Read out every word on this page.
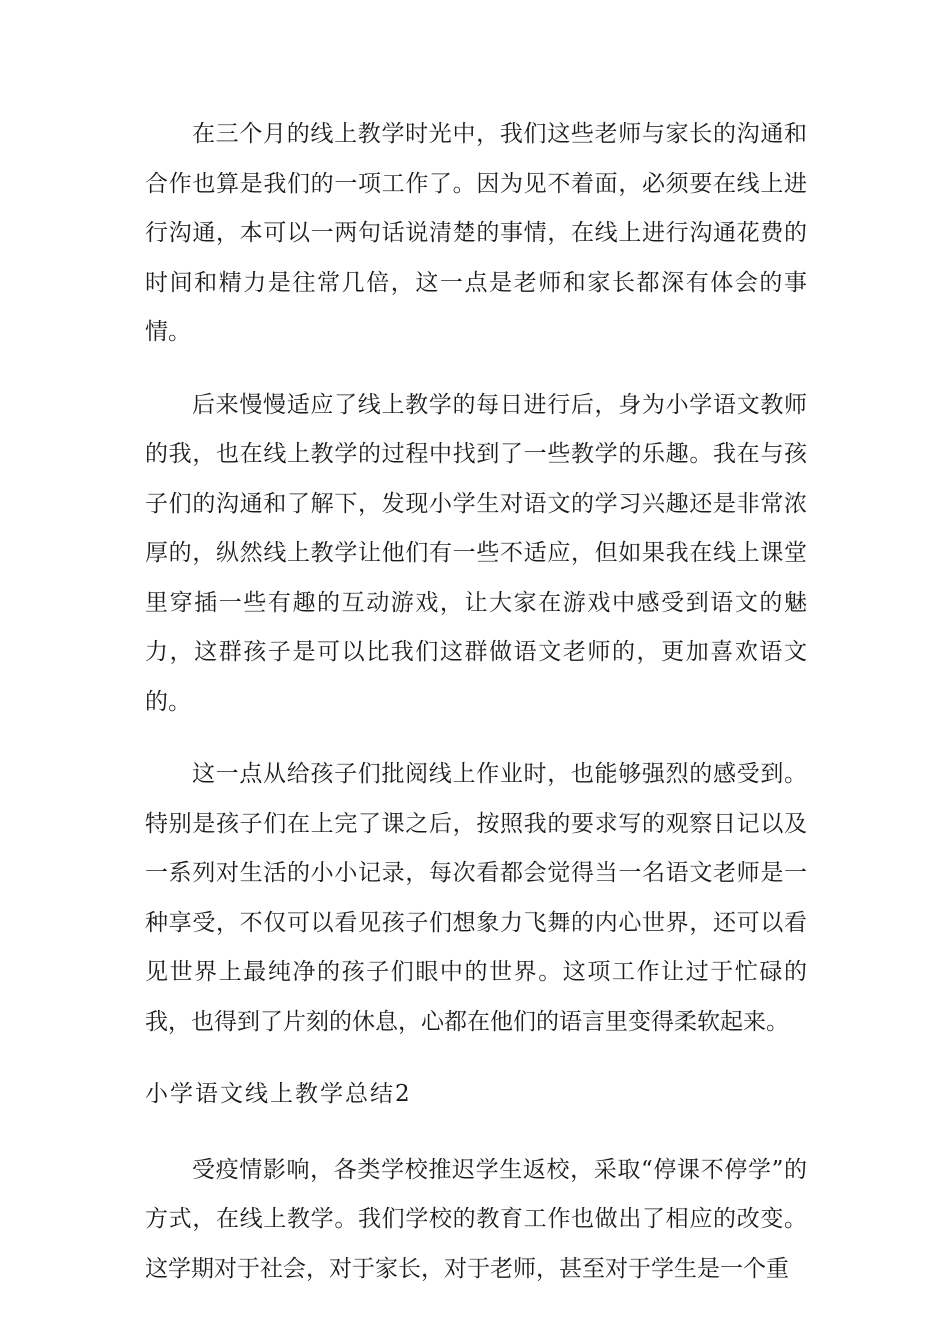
在三个月的线上教学时光中，我们这些老师与家长的沟通和合作也算是我们的一项工作了。因为见不着面，必须要在线上进行沟通，本可以一两句话说清楚的事情，在线上进行沟通花费的时间和精力是往常几倍，这一点是老师和家长都深有体会的事情。

后来慢慢适应了线上教学的每日进行后，身为小学语文教师的我，也在线上教学的过程中找到了一些教学的乐趣。我在与孩子们的沟通和了解下，发现小学生对语文的学习兴趣还是非常浓厚的，纵然线上教学让他们有一些不适应，但如果我在线上课堂里穿插一些有趣的互动游戏，让大家在游戏中感受到语文的魅力，这群孩子是可以比我们这群做语文老师的，更加喜欢语文的。

这一点从给孩子们批阅线上作业时，也能够强烈的感受到。特别是孩子们在上完了课之后，按照我的要求写的观察日记以及一系列对生活的小小记录，每次看都会觉得当一名语文老师是一种享受，不仅可以看见孩子们想象力飞舞的内心世界，还可以看见世界上最纯净的孩子们眼中的世界。这项工作让过于忙碌的我，也得到了片刻的休息，心都在他们的语言里变得柔软起来。

小学语文线上教学总结2

受疫情影响，各类学校推迟学生返校，采取“停课不停学”的方式，在线上教学。我们学校的教育工作也做出了相应的改变。这学期对于社会，对于家长，对于老师，甚至对于学生是一个重
